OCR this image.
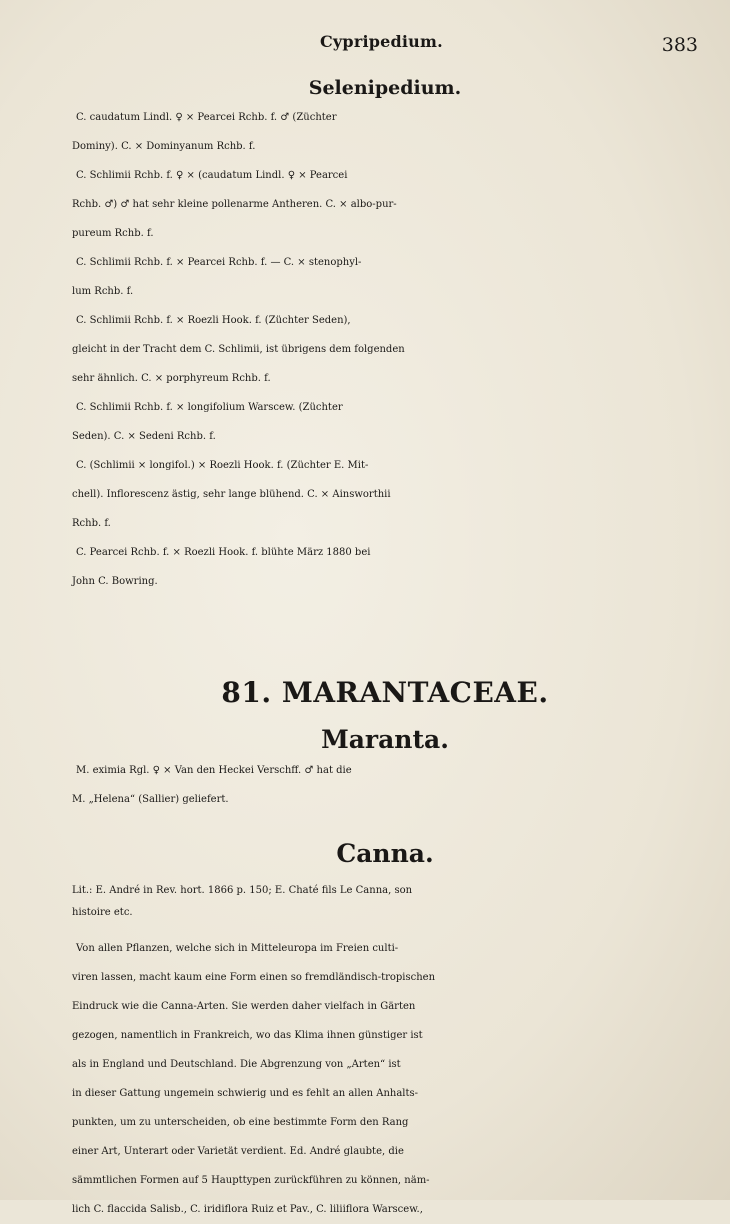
Cypripedium.	383
Selenipedium.
C. caudatum Lindl. ♀ ⨯ Pearcei Rchb. f. ♂ (Züchter
Dominy). C. ⨯ Dominyanum Rchb. f.
C. Schlimii Rchb. f. ♀ ⨯ (caudatum Lindl. ♀ ⨯ Pearcei
Rchb. ♂) ♂ hat sehr kleine pollenarme Antheren. C. ⨯ albo-pur-
pureum Rchb. f.
C. Schlimii Rchb. f. ⨯ Pearcei Rchb. f. — C. ⨯ stenophyl-
lum Rchb. f.
C. Schlimii Rchb. f. ⨯ Roezli Hook. f. (Züchter Seden),
gleicht in der Tracht dem C. Schlimii, ist übrigens dem folgenden
sehr ähnlich. C. ⨯ porphyreum Rchb. f.
C. Schlimii Rchb. f. ⨯ longifolium Warscew. (Züchter
Seden). C. ⨯ Sedeni Rchb. f.
C. (Schlimii ⨯ longifol.) ⨯ Roezli Hook. f. (Züchter E. Mit-
chell). Inflorescenz ästig, sehr lange blühend. C. ⨯ Ainsworthii
Rchb. f.
C. Pearcei Rchb. f. ⨯ Roezli Hook. f. blühte März 1880 bei
John C. Bowring.
81. MARANTACEAE.
Maranta.
M. eximia Rgl. ♀ ⨯ Van den Heckei Verschff. ♂ hat die
M. „Helena“ (Sallier) geliefert.
Canna.
Lit.: E. André in Rev. hort. 1866 p. 150; E. Chaté fils Le Canna, son
histoire etc.
Von allen Pflanzen, welche sich in Mitteleuropa im Freien culti-
viren lassen, macht kaum eine Form einen so fremdländisch-tropischen
Eindruck wie die Canna-Arten. Sie werden daher vielfach in Gärten
gezogen, namentlich in Frankreich, wo das Klima ihnen günstiger ist
als in England und Deutschland. Die Abgrenzung von „Arten“ ist
in dieser Gattung ungemein schwierig und es fehlt an allen Anhalts-
punkten, um zu unterscheiden, ob eine bestimmte Form den Rang
einer Art, Unterart oder Varietät verdient. Ed. André glaubte, die
sämmtlichen Formen auf 5 Haupttypen zurückführen zu können, näm-
lich C. flaccida Salisb., C. iridiflora Ruiz et Pav., C. liliiflora Warscew.,
